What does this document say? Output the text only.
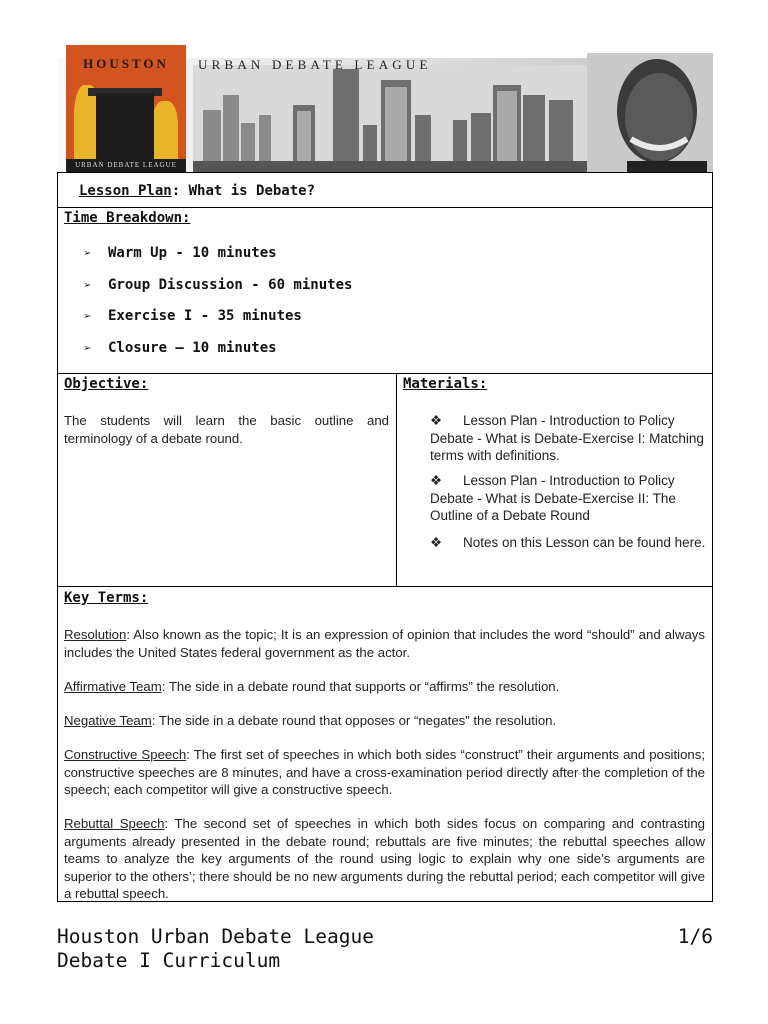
HOUSTON
URBAN DEBATE LEAGUE
URBAN DEBATE LEAGUE
Lesson Plan: What is Debate?
Time Breakdown:
➢ Warm Up - 10 minutes
➢ Group Discussion - 60 minutes
➢ Exercise I - 35 minutes
➢ Closure – 10 minutes
Objective:
The students will learn the basic outline and terminology of a debate round.
Materials:
❖ Lesson Plan - Introduction to Policy Debate - What is Debate-Exercise I: Matching terms with definitions.
❖ Lesson Plan - Introduction to Policy Debate - What is Debate-Exercise II: The Outline of a Debate Round
❖ Notes on this Lesson can be found here.
Key Terms:
Resolution: Also known as the topic; It is an expression of opinion that includes the word “should” and always includes the United States federal government as the actor.
Affirmative Team: The side in a debate round that supports or “affirms” the resolution.
Negative Team: The side in a debate round that opposes or “negates” the resolution.
Constructive Speech: The first set of speeches in which both sides “construct” their arguments and positions; constructive speeches are 8 minutes, and have a cross-examination period directly after the completion of the speech; each competitor will give a constructive speech.
Rebuttal Speech: The second set of speeches in which both sides focus on comparing and contrasting arguments already presented in the debate round; rebuttals are five minutes; the rebuttal speeches allow teams to analyze the key arguments of the round using logic to explain why one side’s arguments are superior to the others’; there should be no new arguments during the rebuttal period; each competitor will give a rebuttal speech.
Houston Urban Debate League
Debate I Curriculum
1/6
